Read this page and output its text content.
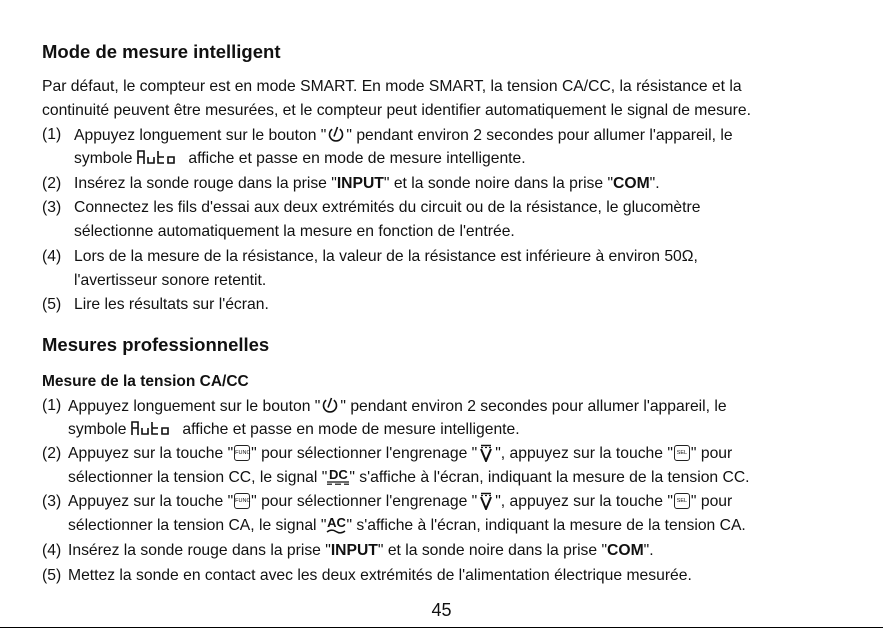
Mode de mesure intelligent
Par défaut, le compteur est en mode SMART. En mode SMART, la tension CA/CC, la résistance et la
continuité peuvent être mesurées, et le compteur peut identifier automatiquement le signal de mesure.
(1) Appuyez longuement sur le bouton " " pendant environ 2 secondes pour allumer l'appareil, le
symbole	affiche et passe en mode de mesure intelligente.
(2) Insérez la sonde rouge dans la prise "INPUT" et la sonde noire dans la prise "COM".
(3) Connectez les fils d'essai aux deux extrémités du circuit ou de la résistance, le glucomètre
sélectionne automatiquement la mesure en fonction de l'entrée.
(4) Lors de la mesure de la résistance, la valeur de la résistance est inférieure à environ 50Ω,
l'avertisseur sonore retentit.
(5) Lire les résultats sur l'écran.
Mesures professionnelles
Mesure de la tension CA/CC
(1) Appuyez longuement sur le bouton " " pendant environ 2 secondes pour allumer l'appareil, le
symbole	affiche et passe en mode de mesure intelligente.
(2) Appuyez sur la touche " FUNC " pour sélectionner l'engrenage " ", appuyez sur la touche " SEL " pour
sélectionner la tension CC, le signal " DC " s'affiche à l'écran, indiquant la mesure de la tension CC.
(3) Appuyez sur la touche " FUNC " pour sélectionner l'engrenage " ", appuyez sur la touche " SEL " pour
sélectionner la tension CA, le signal " AC " s'affiche à l'écran, indiquant la mesure de la tension CA.
(4) Insérez la sonde rouge dans la prise "INPUT" et la sonde noire dans la prise "COM".
(5) Mettez la sonde en contact avec les deux extrémités de l'alimentation électrique mesurée.
45
